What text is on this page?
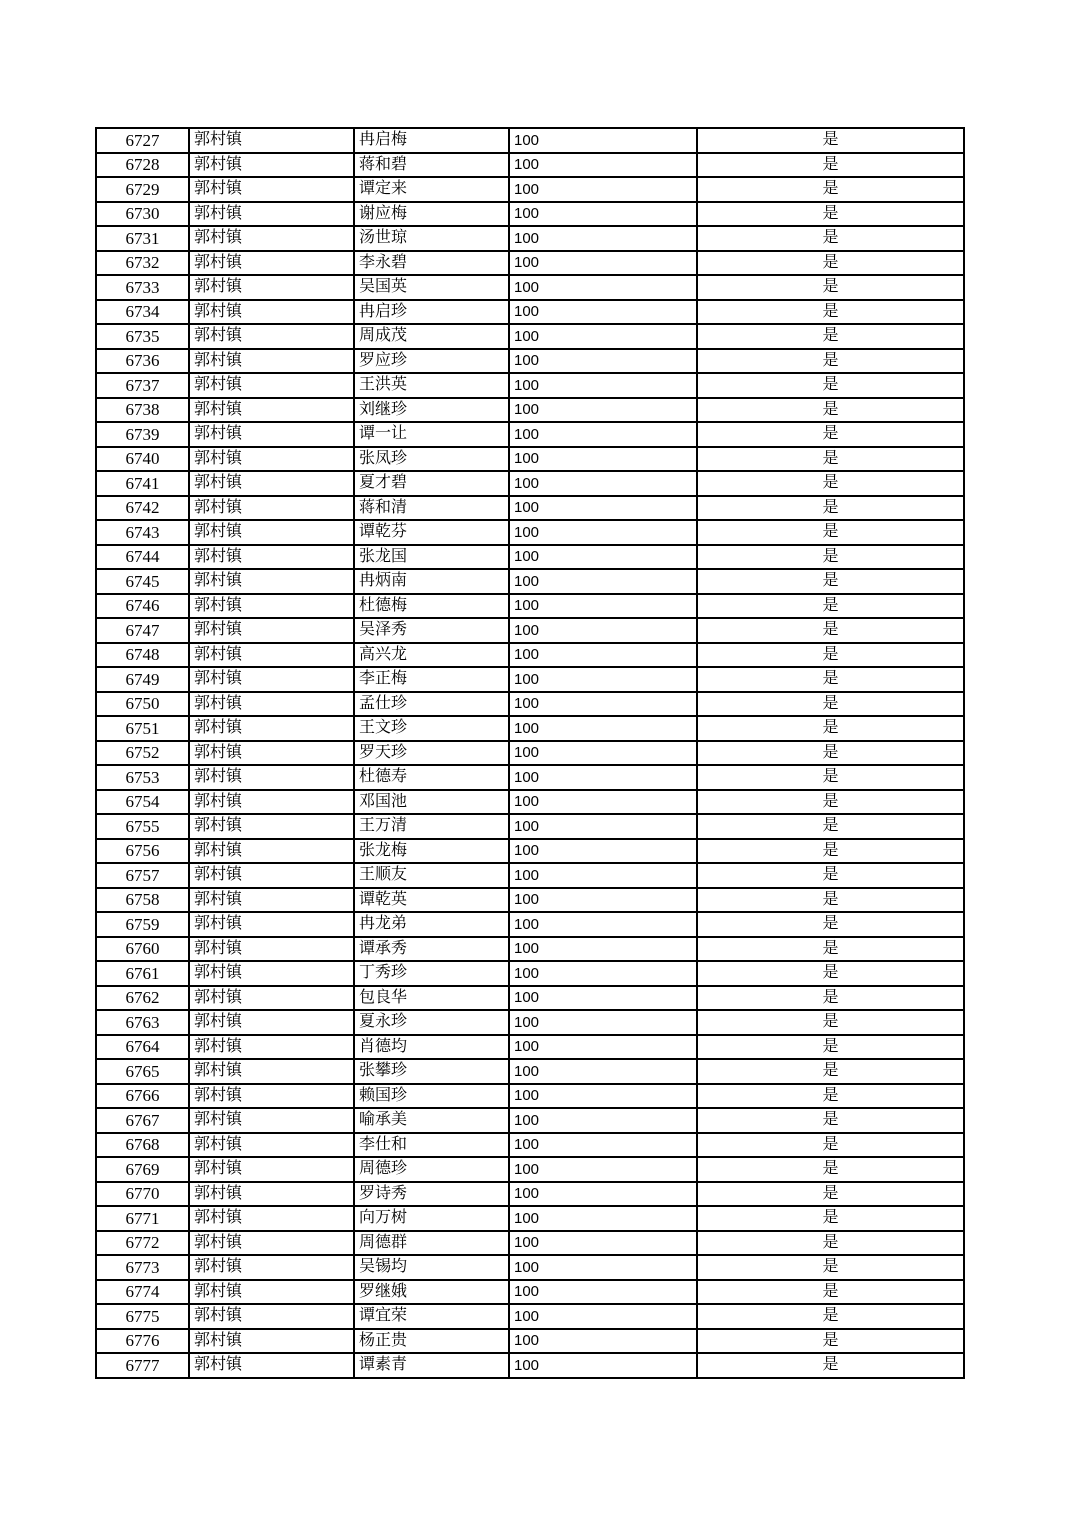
6727	郭村镇	冉启梅	100	是
6728	郭村镇	蒋和碧	100	是
6729	郭村镇	谭定来	100	是
6730	郭村镇	谢应梅	100	是
6731	郭村镇	汤世琼	100	是
6732	郭村镇	李永碧	100	是
6733	郭村镇	吴国英	100	是
6734	郭村镇	冉启珍	100	是
6735	郭村镇	周成茂	100	是
6736	郭村镇	罗应珍	100	是
6737	郭村镇	王洪英	100	是
6738	郭村镇	刘继珍	100	是
6739	郭村镇	谭一让	100	是
6740	郭村镇	张凤珍	100	是
6741	郭村镇	夏才碧	100	是
6742	郭村镇	蒋和清	100	是
6743	郭村镇	谭乾芬	100	是
6744	郭村镇	张龙国	100	是
6745	郭村镇	冉炳南	100	是
6746	郭村镇	杜德梅	100	是
6747	郭村镇	吴泽秀	100	是
6748	郭村镇	高兴龙	100	是
6749	郭村镇	李正梅	100	是
6750	郭村镇	孟仕珍	100	是
6751	郭村镇	王文珍	100	是
6752	郭村镇	罗天珍	100	是
6753	郭村镇	杜德寿	100	是
6754	郭村镇	邓国池	100	是
6755	郭村镇	王万清	100	是
6756	郭村镇	张龙梅	100	是
6757	郭村镇	王顺友	100	是
6758	郭村镇	谭乾英	100	是
6759	郭村镇	冉龙弟	100	是
6760	郭村镇	谭承秀	100	是
6761	郭村镇	丁秀珍	100	是
6762	郭村镇	包良华	100	是
6763	郭村镇	夏永珍	100	是
6764	郭村镇	肖德均	100	是
6765	郭村镇	张攀珍	100	是
6766	郭村镇	赖国珍	100	是
6767	郭村镇	喻承美	100	是
6768	郭村镇	李仕和	100	是
6769	郭村镇	周德珍	100	是
6770	郭村镇	罗诗秀	100	是
6771	郭村镇	向万树	100	是
6772	郭村镇	周德群	100	是
6773	郭村镇	吴锡均	100	是
6774	郭村镇	罗继娥	100	是
6775	郭村镇	谭宜荣	100	是
6776	郭村镇	杨正贵	100	是
6777	郭村镇	谭素青	100	是
